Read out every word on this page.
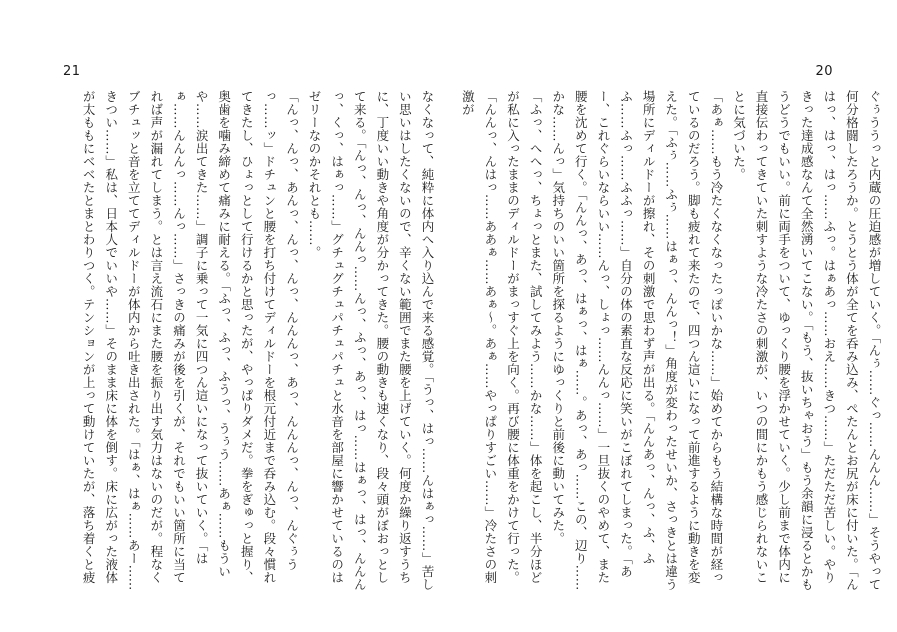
21

なくなって、純粋に体内へ入り込んで来る感覚。「うっ、はっ……んはぁっ……」苦しい思いはしたくないので、辛くない範囲でまた腰を上げていく。何度か繰り返すうちに、丁度いい動きや角度が分かってきた。腰の動きも速くなり、段々頭がぼおっとして来る。「んっ、んっ、んんっ……んっ、ふっ、あっ、はっ……はぁっ、はっ、んんんっ、くっ、はぁっ……」グチュグチュパチュパチュと水音を部屋に響かせているのはゼリーなのかそれとも……。

「んっ、んっ、あんっ、んっ、んっ、んんんっ、あっ、んんんっ、んっ、んぐぅうっ……ッ」ドチュンと腰を打ち付けてディルドーを根元付近まで呑み込む。段々慣れてきたし、ひょっとして行けるかと思ったが、やっぱりダメだ。拳をぎゅっと握り、奥歯を噛み締めて痛みに耐える。「ふっ、ふっ、ふうっ、うぅう……あぁ……もういや……涙出てきた……」調子に乗って一気に四つん這いになって抜いていく。「はぁ……んんんっ……んっ……」さっきの痛みが後を引くが、それでもいい箇所に当てれば声が漏れてしまう。とは言え流石にまた腰を振り出す気力はないのだが。程なくブチュッと音を立ててディルドーが体内から吐き出された。「はぁ、はぁ……あー……きつい……」私は、日本人でいいや……」そのまま床に体を倒す。床に広がった液体が太ももにベベたとまとわりつく。テンションが上って動けていたが、落ち着くと疲

20

ぐぅううっと内蔵の圧迫感が増していく。「んぅ……ぐっ……んんん……」そうやって何分格闘したろうか。とうとう体が全てを呑み込み、ぺたんとお尻が床に付いた。「んはっ、はっ、はっ……ふっ。はぁあっ……おえ……きつ……」ただただ苦しい。やりきった達成感なんて全然湧いてこない。「もう、抜いちゃおう」もう余韻に浸るとかもうどうでもいい。前に両手をついて、ゆっくり腰を浮かせていく。少し前まで体内に直接伝わってきていた刺すような冷たさの刺激が、いつの間にかもう感じられないことに気づいた。

「あぁ……もう冷たくなくなったっぽいかな……」始めてからもう結構な時間が経っているのだろう。脚も疲れて来たので、四つん這いになって前進するように動きを変えた。「ふぅ……ふぅ……はぁっ、んんっ！」角度が変わったせいか、さっきとは違う場所にディルドーが擦れ、その刺激で思わず声が出る。「んんあっ、んっ、ふ、ふふ……ふっ……ふふっ……」自分の体の素直な反応に笑いがこぼれてしまった。「あー、これぐらいならいい……んっ、しょっ……んんっ……」一旦抜くのやめて、また腰を沈めて行く。「んんっ、あっ、はぁっ、はぁ……。あっ、あっ……この、辺り……かな……んっ」気持ちのいい箇所を探るようにゆっくりと前後に動いてみた。

「ふっ、へへっ、ちょっとまた、試してみよう……かな……」体を起こし、半分ほどが私に入ったままのディルドーがまっすぐ上を向く。再び腰に体重をかけて行った。「んんっ、んはっ……ああぁ……あぁ～。あぁ……やっぱりすごい……」冷たさの刺激が
